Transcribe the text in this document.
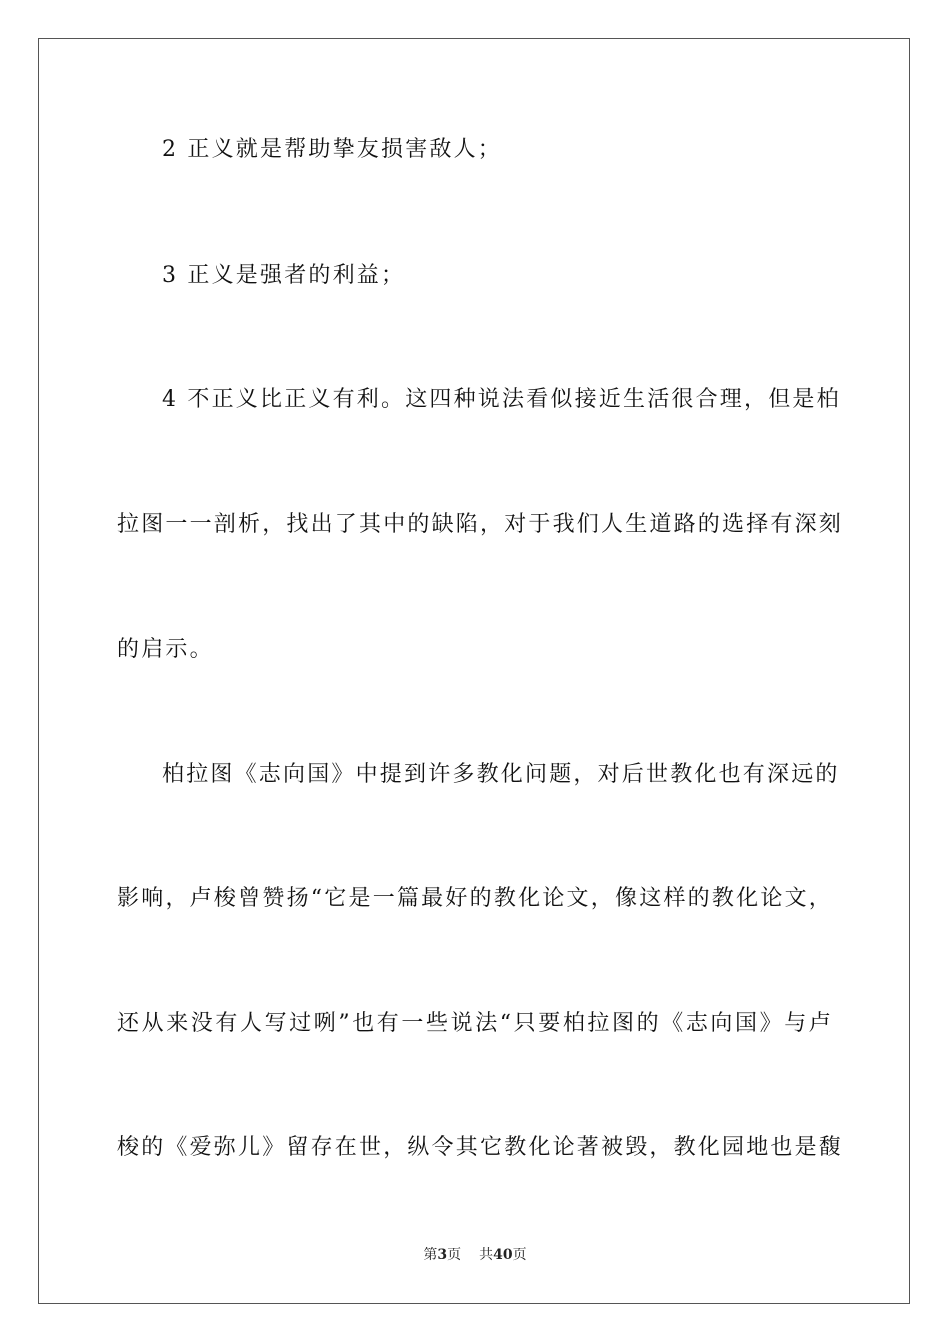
2 正义就是帮助挚友损害敌人；
3 正义是强者的利益；
4 不正义比正义有利。这四种说法看似接近生活很合理，但是柏
拉图一一剖析，找出了其中的缺陷，对于我们人生道路的选择有深刻
的启示。
柏拉图《志向国》中提到许多教化问题，对后世教化也有深远的
影响，卢梭曾赞扬“它是一篇最好的教化论文，像这样的教化论文，
还从来没有人写过咧”也有一些说法“只要柏拉图的《志向国》与卢
梭的《爱弥儿》留存在世，纵令其它教化论著被毁，教化园地也是馥
第3页 共40页
